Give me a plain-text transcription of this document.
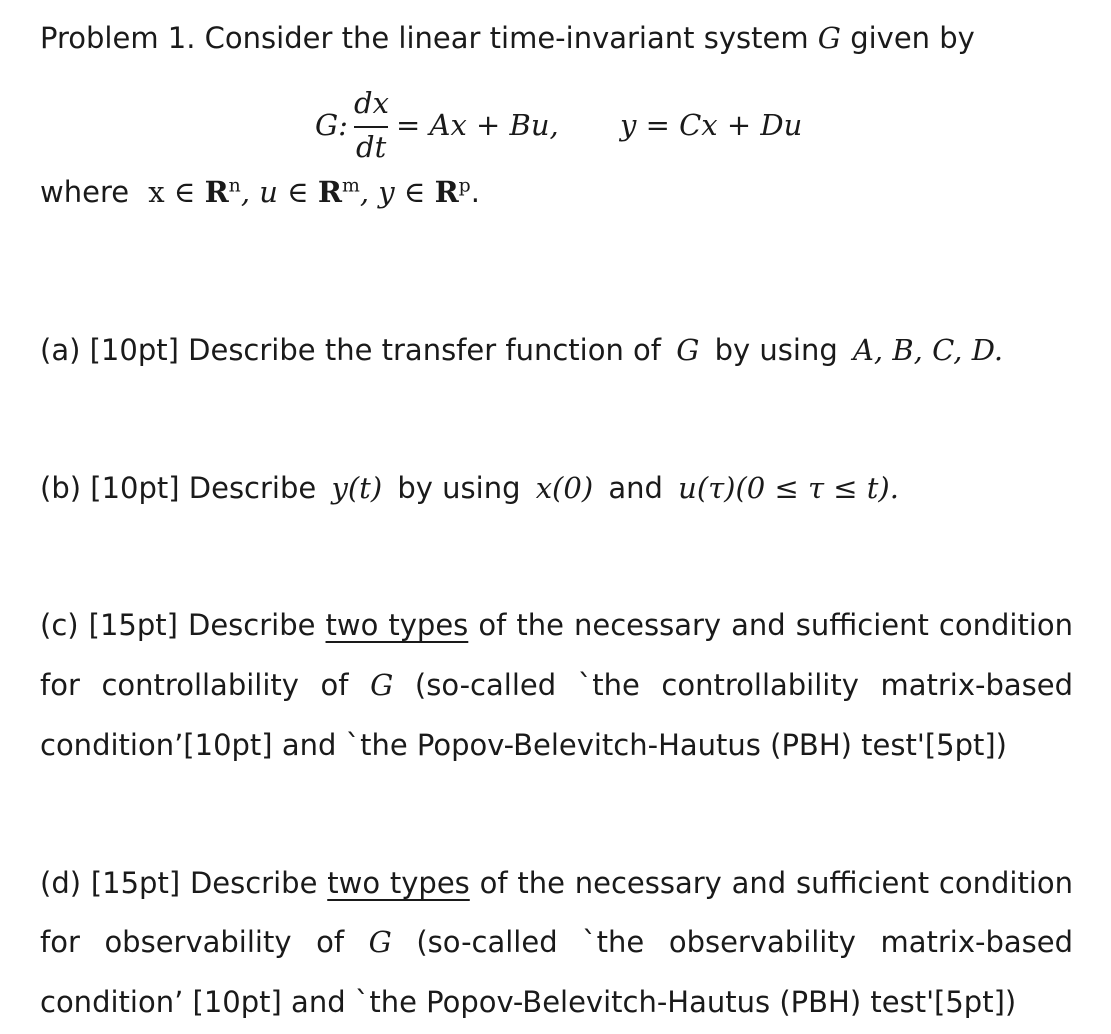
Problem 1. Consider the linear time-invariant system G given by
G:
dx
dt
= Ax + Bu, y = Cx + Du
where x ∈ $R^n$, u ∈ $R^m$, y ∈ $R^p$.
(a) [10pt] Describe the transfer function of G by using A, B, C, D.
(b) [10pt] Describe y(t) by using x(0) and u(τ)(0 ≤ τ ≤ t).
(c) [15pt] Describe two types of the necessary and sufficient condition
for controllability of G (so-called `the controllability matrix-based
condition’[10pt] and `the Popov-Belevitch-Hautus (PBH) test'[5pt])
(d) [15pt] Describe two types of the necessary and sufficient condition
for observability of G (so-called `the observability matrix-based
condition’ [10pt] and `the Popov-Belevitch-Hautus (PBH) test'[5pt])
